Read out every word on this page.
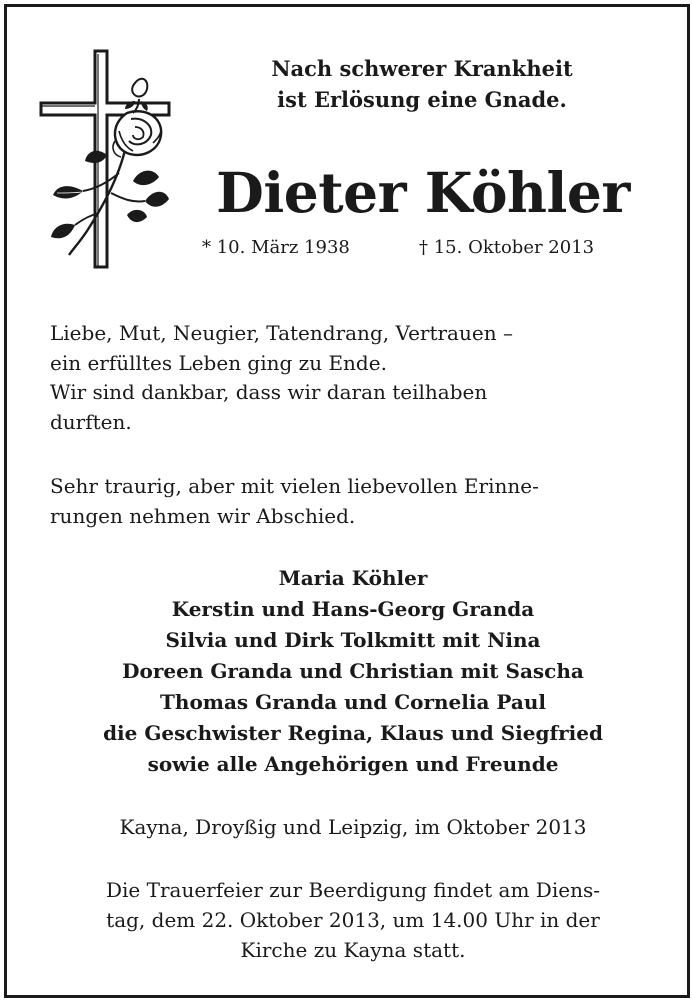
Nach schwerer Krankheit
ist Erlösung eine Gnade.
Dieter Köhler
* 10. März 1938	† 15. Oktober 2013
Liebe, Mut, Neugier, Tatendrang, Vertrauen –
ein erfülltes Leben ging zu Ende.
Wir sind dankbar, dass wir daran teilhaben
durften.
Sehr traurig, aber mit vielen liebevollen Erinne-
rungen nehmen wir Abschied.
Maria Köhler
Kerstin und Hans-Georg Granda
Silvia und Dirk Tolkmitt mit Nina
Doreen Granda und Christian mit Sascha
Thomas Granda und Cornelia Paul
die Geschwister Regina, Klaus und Siegfried
sowie alle Angehörigen und Freunde
Kayna, Droyßig und Leipzig, im Oktober 2013
Die Trauerfeier zur Beerdigung findet am Diens-
tag, dem 22. Oktober 2013, um 14.00 Uhr in der
Kirche zu Kayna statt.
